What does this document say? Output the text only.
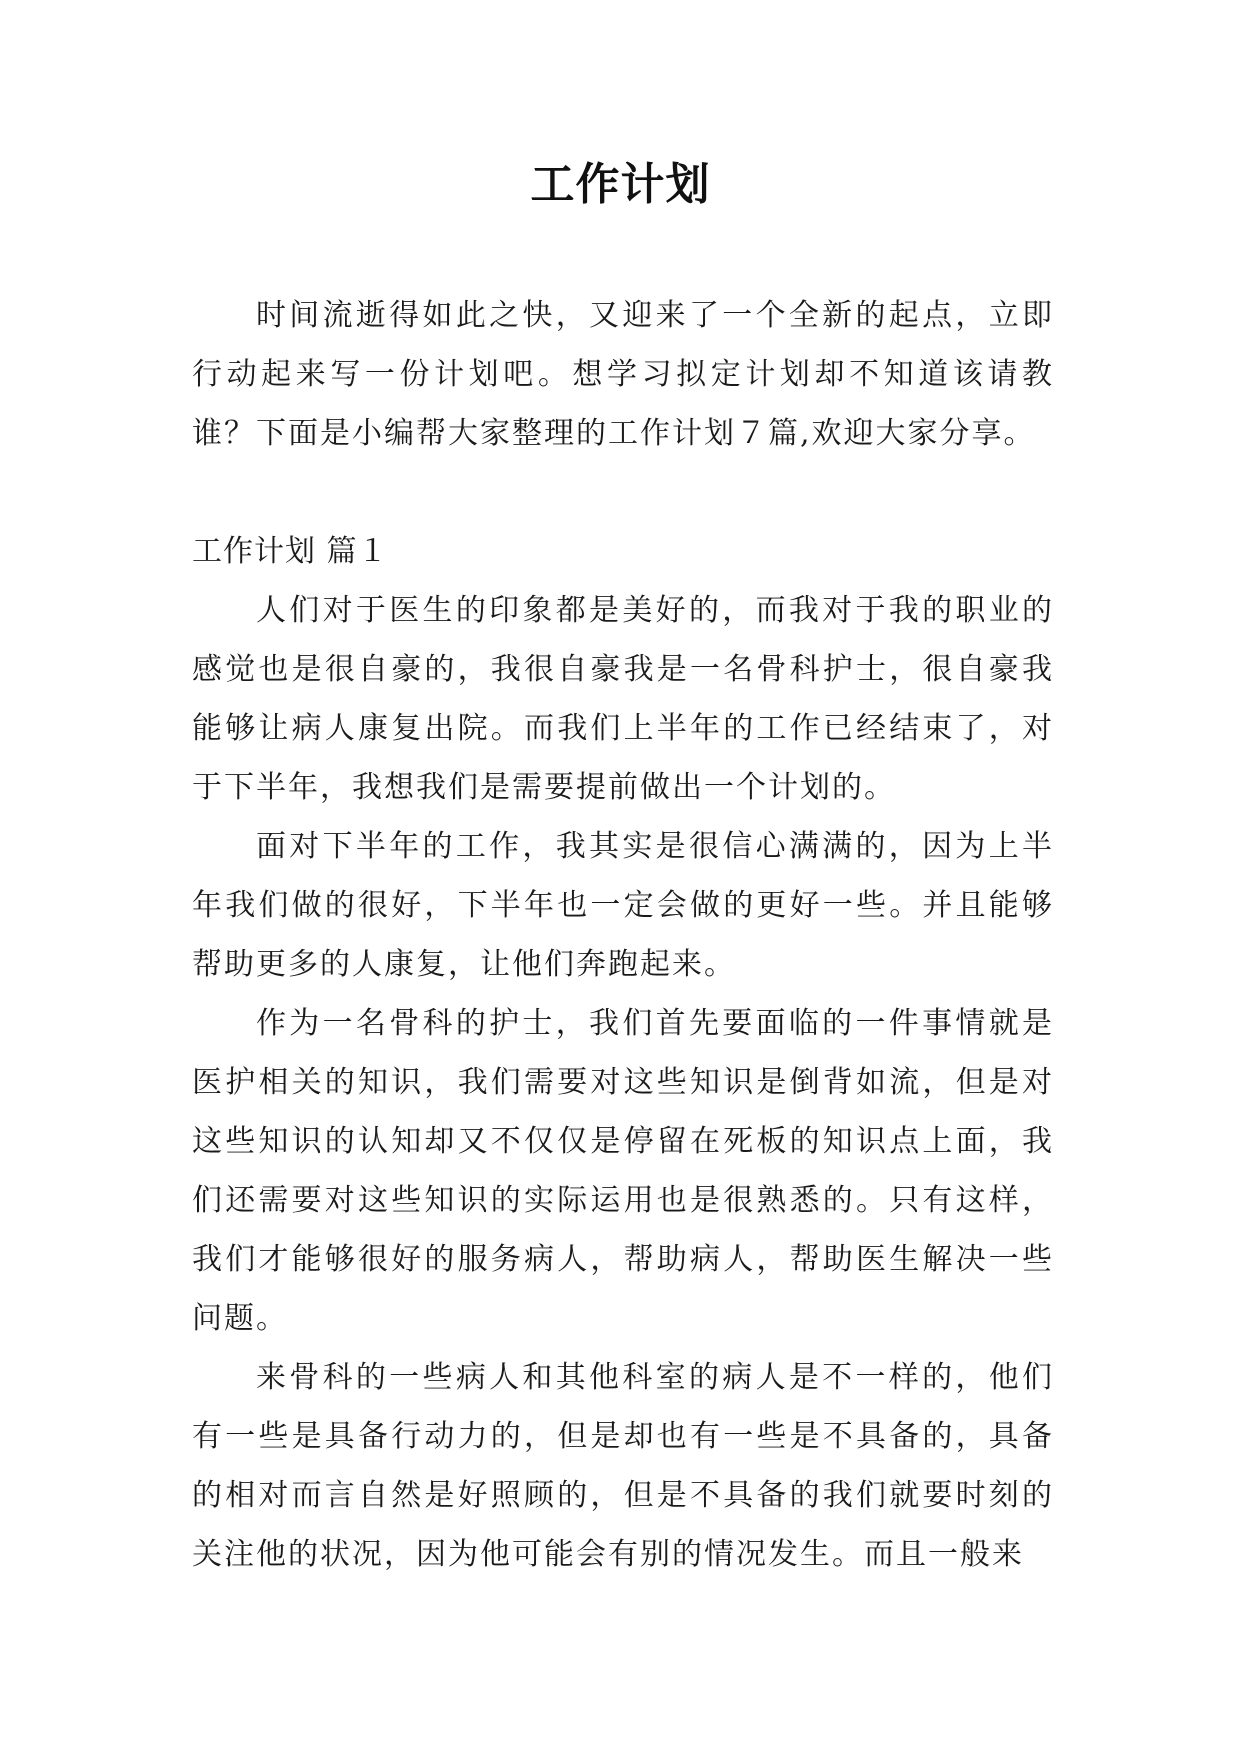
工作计划
时间流逝得如此之快，又迎来了一个全新的起点，立即行动起来写一份计划吧。想学习拟定计划却不知道该请教谁？下面是小编帮大家整理的工作计划７篇,欢迎大家分享。
工作计划 篇１

人们对于医生的印象都是美好的，而我对于我的职业的感觉也是很自豪的，我很自豪我是一名骨科护士，很自豪我能够让病人康复出院。而我们上半年的工作已经结束了，对于下半年，我想我们是需要提前做出一个计划的。

面对下半年的工作，我其实是很信心满满的，因为上半年我们做的很好，下半年也一定会做的更好一些。并且能够帮助更多的人康复，让他们奔跑起来。

作为一名骨科的护士，我们首先要面临的一件事情就是医护相关的知识，我们需要对这些知识是倒背如流，但是对这些知识的认知却又不仅仅是停留在死板的知识点上面，我们还需要对这些知识的实际运用也是很熟悉的。只有这样，我们才能够很好的服务病人，帮助病人，帮助医生解决一些问题。

来骨科的一些病人和其他科室的病人是不一样的，他们有一些是具备行动力的，但是却也有一些是不具备的，具备的相对而言自然是好照顾的，但是不具备的我们就要时刻的关注他的状况，因为他可能会有别的情况发生。而且一般来
